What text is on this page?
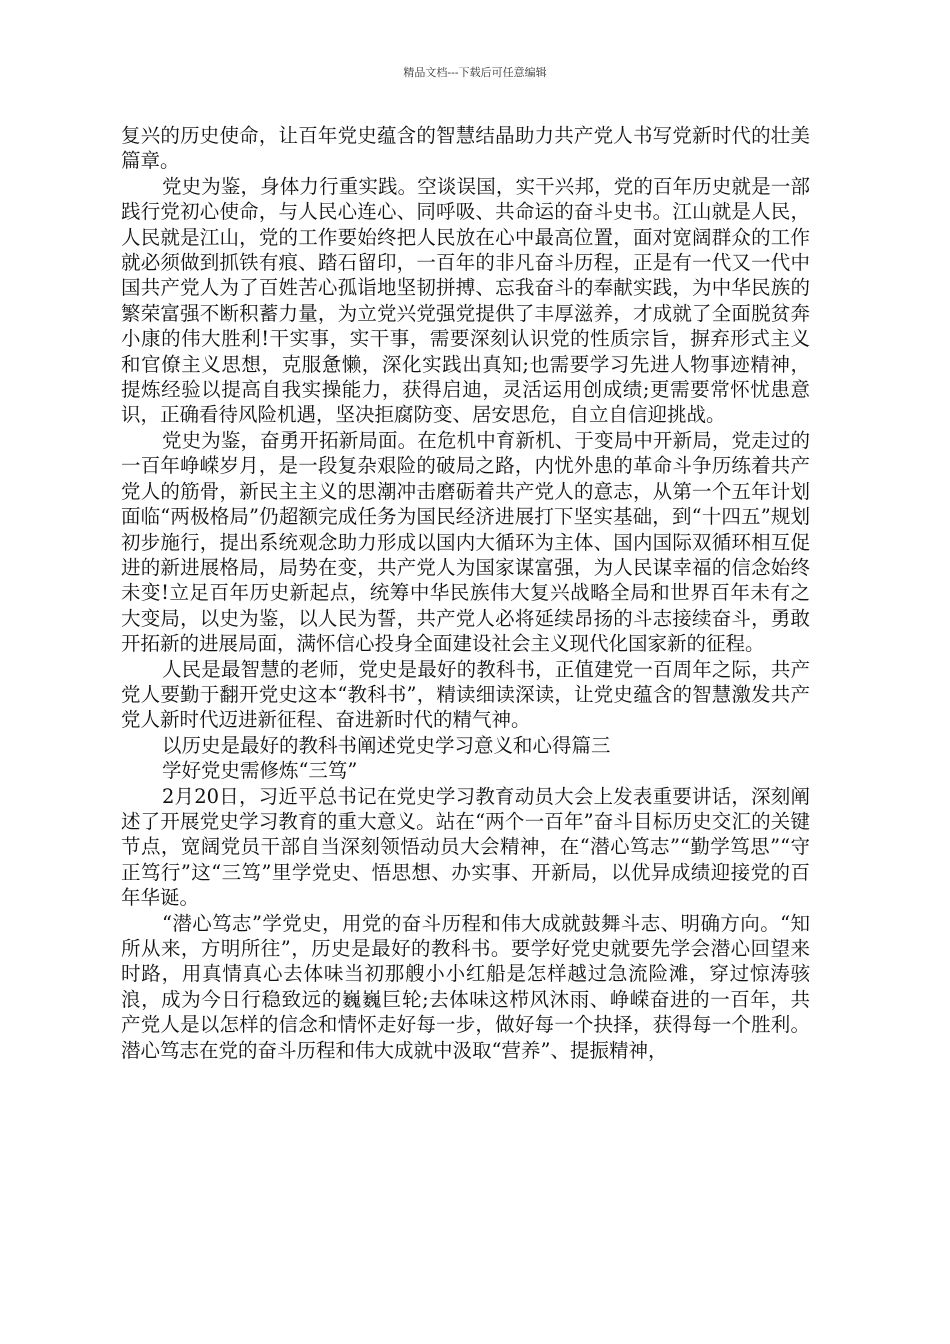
精品文档---下载后可任意编辑

复兴的历史使命，让百年党史蕴含的智慧结晶助力共产党人书写党新时代的壮美篇章。

党史为鉴，身体力行重实践。空谈误国，实干兴邦，党的百年历史就是一部践行党初心使命，与人民心连心、同呼吸、共命运的奋斗史书。江山就是人民，人民就是江山，党的工作要始终把人民放在心中最高位置，面对宽阔群众的工作就必须做到抓铁有痕、踏石留印，一百年的非凡奋斗历程，正是有一代又一代中国共产党人为了百姓苦心孤诣地坚韧拼搏、忘我奋斗的奉献实践，为中华民族的繁荣富强不断积蓄力量，为立党兴党强党提供了丰厚滋养，才成就了全面脱贫奔小康的伟大胜利!干实事，实干事，需要深刻认识党的性质宗旨，摒弃形式主义和官僚主义思想，克服惫懒，深化实践出真知;也需要学习先进人物事迹精神，提炼经验以提高自我实操能力，获得启迪，灵活运用创成绩;更需要常怀忧患意识，正确看待风险机遇，坚决拒腐防变、居安思危，自立自信迎挑战。

党史为鉴，奋勇开拓新局面。在危机中育新机、于变局中开新局，党走过的一百年峥嵘岁月，是一段复杂艰险的破局之路，内忧外患的革命斗争历练着共产党人的筋骨，新民主主义的思潮冲击磨砺着共产党人的意志，从第一个五年计划面临“两极格局”仍超额完成任务为国民经济进展打下坚实基础，到“十四五”规划初步施行，提出系统观念助力形成以国内大循环为主体、国内国际双循环相互促进的新进展格局，局势在变，共产党人为国家谋富强，为人民谋幸福的信念始终未变!立足百年历史新起点，统筹中华民族伟大复兴战略全局和世界百年未有之大变局，以史为鉴，以人民为誓，共产党人必将延续昂扬的斗志接续奋斗，勇敢开拓新的进展局面，满怀信心投身全面建设社会主义现代化国家新的征程。

人民是最智慧的老师，党史是最好的教科书，正值建党一百周年之际，共产党人要勤于翻开党史这本“教科书”，精读细读深读，让党史蕴含的智慧激发共产党人新时代迈进新征程、奋进新时代的精气神。

以历史是最好的教科书阐述党史学习意义和心得篇三

学好党史需修炼“三笃”

2月20日，习近平总书记在党史学习教育动员大会上发表重要讲话，深刻阐述了开展党史学习教育的重大意义。站在“两个一百年”奋斗目标历史交汇的关键节点，宽阔党员干部自当深刻领悟动员大会精神，在“潜心笃志”“勤学笃思”“守正笃行”这“三笃”里学党史、悟思想、办实事、开新局，以优异成绩迎接党的百年华诞。

“潜心笃志”学党史，用党的奋斗历程和伟大成就鼓舞斗志、明确方向。“知所从来，方明所往”，历史是最好的教科书。要学好党史就要先学会潜心回望来时路，用真情真心去体味当初那艘小小红船是怎样越过急流险滩，穿过惊涛骇浪，成为今日行稳致远的巍巍巨轮;去体味这栉风沐雨、峥嵘奋进的一百年，共产党人是以怎样的信念和情怀走好每一步，做好每一个抉择，获得每一个胜利。潜心笃志在党的奋斗历程和伟大成就中汲取“营养”、提振精神，
